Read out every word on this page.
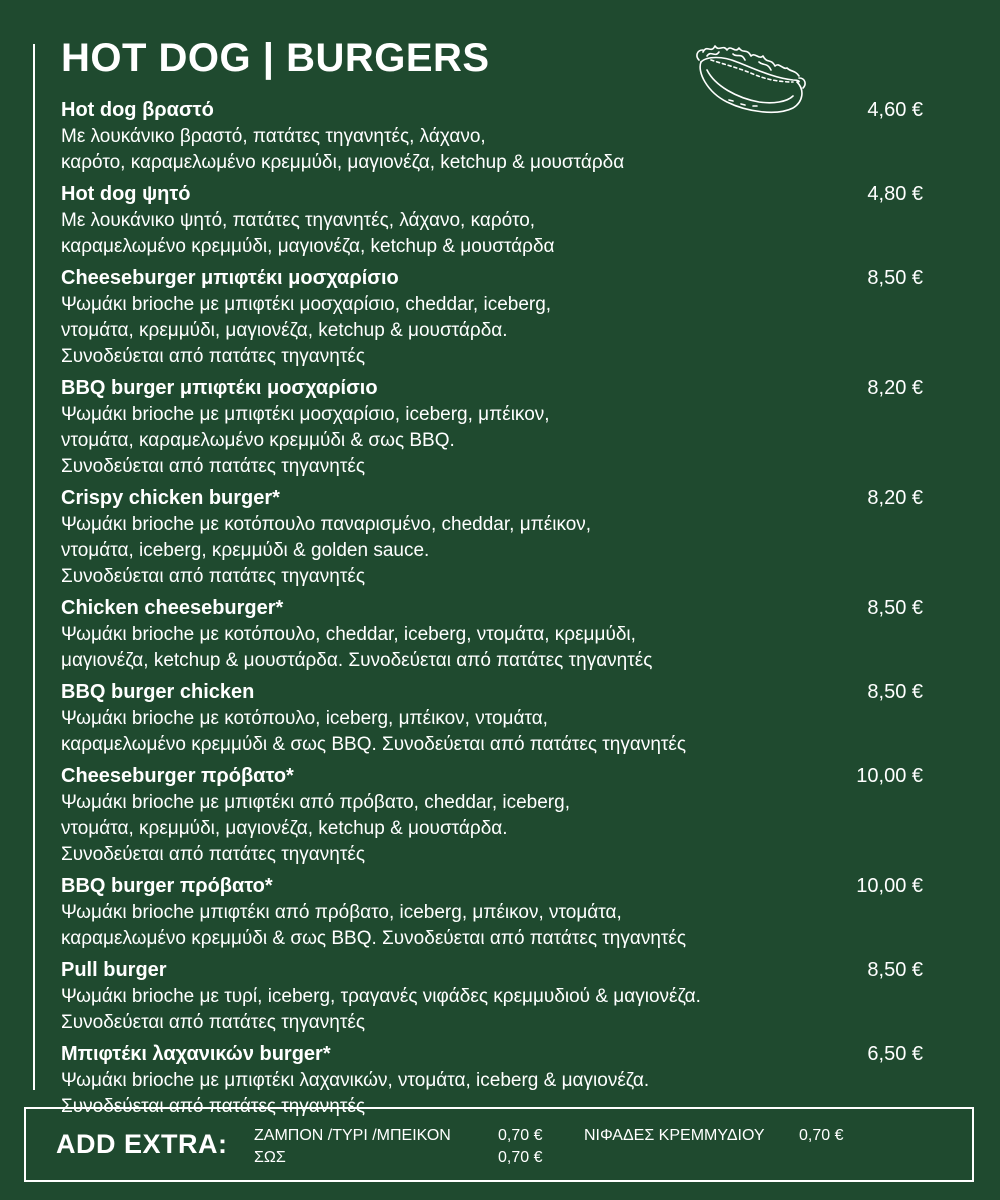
HOT DOG | BURGERS
Hot dog βραστό	4,60 €
Με λουκάνικο βραστό, πατάτες τηγανητές, λάχανο,
καρότο, καραμελωμένο κρεμμύδι, μαγιονέζα, ketchup & μουστάρδα
Hot dog ψητό	4,80 €
Με λουκάνικο ψητό, πατάτες τηγανητές, λάχανο, καρότο,
καραμελωμένο κρεμμύδι, μαγιονέζα, ketchup & μουστάρδα
Cheeseburger μπιφτέκι μοσχαρίσιο	8,50 €
Ψωμάκι brioche με μπιφτέκι μοσχαρίσιο, cheddar, iceberg,
ντομάτα, κρεμμύδι, μαγιονέζα, ketchup & μουστάρδα.
Συνοδεύεται από πατάτες τηγανητές
BBQ burger μπιφτέκι μοσχαρίσιο	8,20 €
Ψωμάκι brioche με μπιφτέκι μοσχαρίσιο, iceberg, μπέικον,
ντομάτα, καραμελωμένο κρεμμύδι & σως BBQ.
Συνοδεύεται από πατάτες τηγανητές
Crispy chicken burger*	8,20 €
Ψωμάκι brioche με κοτόπουλο παναρισμένο, cheddar, μπέικον,
ντομάτα, iceberg, κρεμμύδι & golden sauce.
Συνοδεύεται από πατάτες τηγανητές
Chicken cheeseburger*	8,50 €
Ψωμάκι brioche με κοτόπουλο, cheddar, iceberg, ντομάτα, κρεμμύδι,
μαγιονέζα, ketchup & μουστάρδα. Συνοδεύεται από πατάτες τηγανητές
BBQ burger chicken	8,50 €
Ψωμάκι brioche με κοτόπουλο, iceberg, μπέικον, ντομάτα,
καραμελωμένο κρεμμύδι & σως BBQ. Συνοδεύεται από πατάτες τηγανητές
Cheeseburger πρόβατο*	10,00 €
Ψωμάκι brioche με μπιφτέκι από πρόβατο, cheddar, iceberg,
ντομάτα, κρεμμύδι, μαγιονέζα, ketchup & μουστάρδα.
Συνοδεύεται από πατάτες τηγανητές
BBQ burger πρόβατο*	10,00 €
Ψωμάκι brioche μπιφτέκι από πρόβατο, iceberg, μπέικον, ντομάτα,
καραμελωμένο κρεμμύδι & σως BBQ. Συνοδεύεται από πατάτες τηγανητές
Pull burger	8,50 €
Ψωμάκι brioche με τυρί, iceberg, τραγανές νιφάδες κρεμμυδιού & μαγιονέζα.
Συνοδεύεται από πατάτες τηγανητές
Μπιφτέκι λαχανικών burger*	6,50 €
Ψωμάκι brioche με μπιφτέκι λαχανικών, ντομάτα, iceberg & μαγιονέζα.
Συνοδεύεται από πατάτες τηγανητές
ADD EXTRA: ΖΑΜΠΟΝ /ΤΥΡΙ /ΜΠΕΙΚΟΝ	0,70 €
ΣΩΣ	0,70 €
ΝΙΦΑΔΕΣ ΚΡΕΜΜΥΔΙΟΥ 0,70 €
